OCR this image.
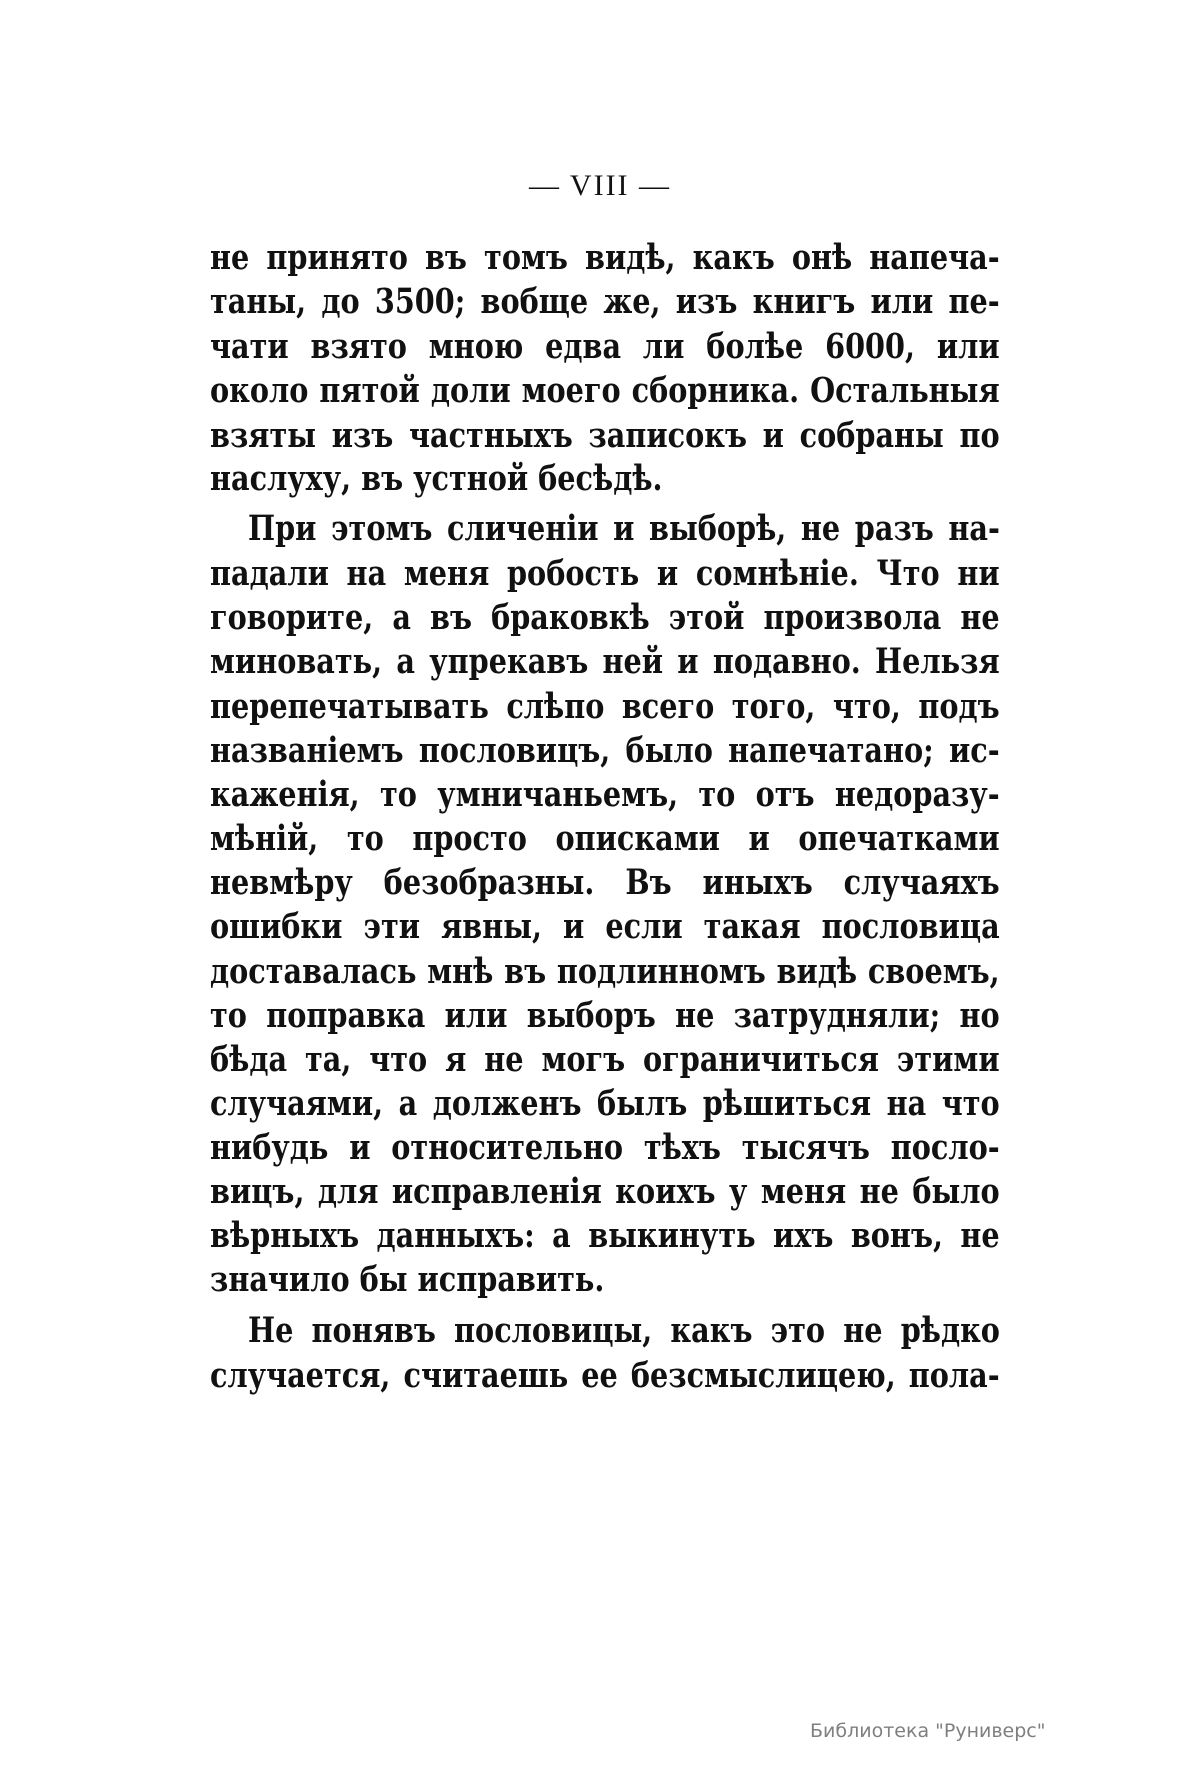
— VIII —
не принято въ томъ видѣ, какъ онѣ напеча-
таны, до 3500; вобще же, изъ книгъ или пе-
чати взято мною едва ли болѣе 6000, или
около пятой доли моего сборника. Остальныя
взяты изъ частныхъ записокъ и собраны по
наслуху, въ устной бесѣдѣ.
При этомъ сличеніи и выборѣ, не разъ на-
падали на меня робость и сомнѣніе. Что ни
говорите, а въ браковкѣ этой произвола не
миновать, а упрекавъ ней и подавно. Нельзя
перепечатывать слѣпо всего того, что, подъ
названіемъ пословицъ, было напечатано; ис-
каженія, то умничаньемъ, то отъ недоразу-
мѣній, то просто описками и опечатками
невмѣру безобразны. Въ иныхъ случаяхъ
ошибки эти явны, и если такая пословица
доставалась мнѣ въ подлинномъ видѣ своемъ,
то поправка или выборъ не затрудняли; но
бѣда та, что я не могъ ограничиться этими
случаями, а долженъ былъ рѣшиться на что
нибудь и относительно тѣхъ тысячъ посло-
вицъ, для исправленія коихъ у меня не было
вѣрныхъ данныхъ: а выкинуть ихъ вонъ, не
значило бы исправить.
Не понявъ пословицы, какъ это не рѣдко
случается, считаешь ее безсмыслицею, пола-
Библиотека "Руниверс"
